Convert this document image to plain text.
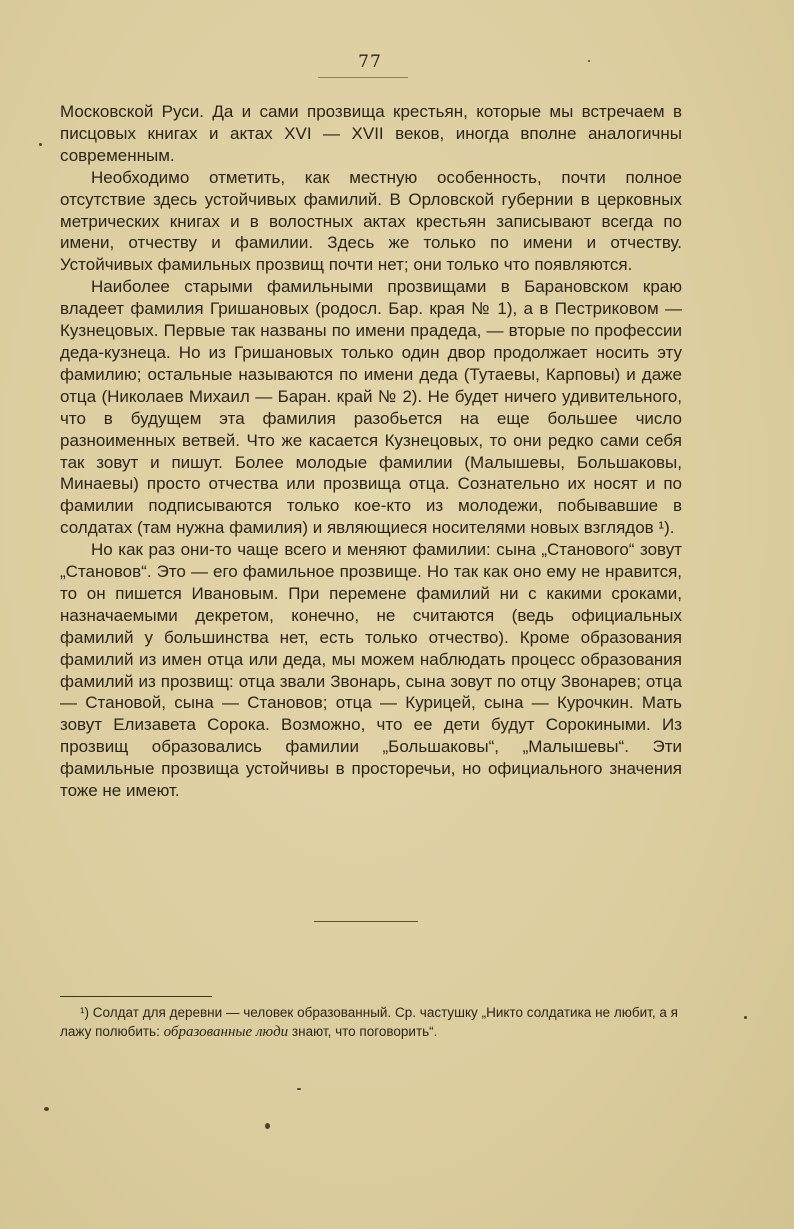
77

Московской Руси. Да и сами прозвища крестьян, которые мы встречаем в писцовых книгах и актах XVI — XVII веков, иногда вполне аналогичны современным.

Необходимо отметить, как местную особенность, почти полное отсутствие здесь устойчивых фамилий. В Орловской губернии в церковных метрических книгах и в волостных актах крестьян записывают всегда по имени, отчеству и фамилии. Здесь же только по имени и отчеству. Устойчивых фамильных прозвищ почти нет; они только что появляются.

Наиболее старыми фамильными прозвищами в Барановском краю владеет фамилия Гришановых (родосл. Бар. края № 1), а в Пестриковом — Кузнецовых. Первые так названы по имени прадеда, — вторые по профессии деда-кузнеца. Но из Гришановых только один двор продолжает носить эту фамилию; остальные называются по имени деда (Тутаевы, Карповы) и даже отца (Николаев Михаил — Баран. край № 2). Не будет ничего удивительного, что в будущем эта фамилия разобьется на еще большее число разноименных ветвей. Что же касается Кузнецовых, то они редко сами себя так зовут и пишут. Более молодые фамилии (Малышевы, Большаковы, Минаевы) просто отчества или прозвища отца. Сознательно их носят и по фамилии подписываются только кое-кто из молодежи, побывавшие в солдатах (там нужна фамилия) и являющиеся носителями новых взглядов ¹).

Но как раз они-то чаще всего и меняют фамилии: сына „Станового“ зовут „Становов“. Это — его фамильное прозвище. Но так как оно ему не нравится, то он пишется Ивановым. При перемене фамилий ни с какими сроками, назначаемыми декретом, конечно, не считаются (ведь официальных фамилий у большинства нет, есть только отчество). Кроме образования фамилий из имен отца или деда, мы можем наблюдать процесс образования фамилий из прозвищ: отца звали Звонарь, сына зовут по отцу Звонарев; отца — Становой, сына — Становов; отца — Курицей, сына — Курочкин. Мать зовут Елизавета Сорока. Возможно, что ее дети будут Сорокиными. Из прозвищ образовались фамилии „Большаковы“, „Малышевы“. Эти фамильные прозвища устойчивы в просторечьи, но официального значения тоже не имеют.

¹) Солдат для деревни — человек образованный. Ср. частушку „Никто солдатика не любит, а я лажу полюбить: образованные люди знают, что поговорить“.
